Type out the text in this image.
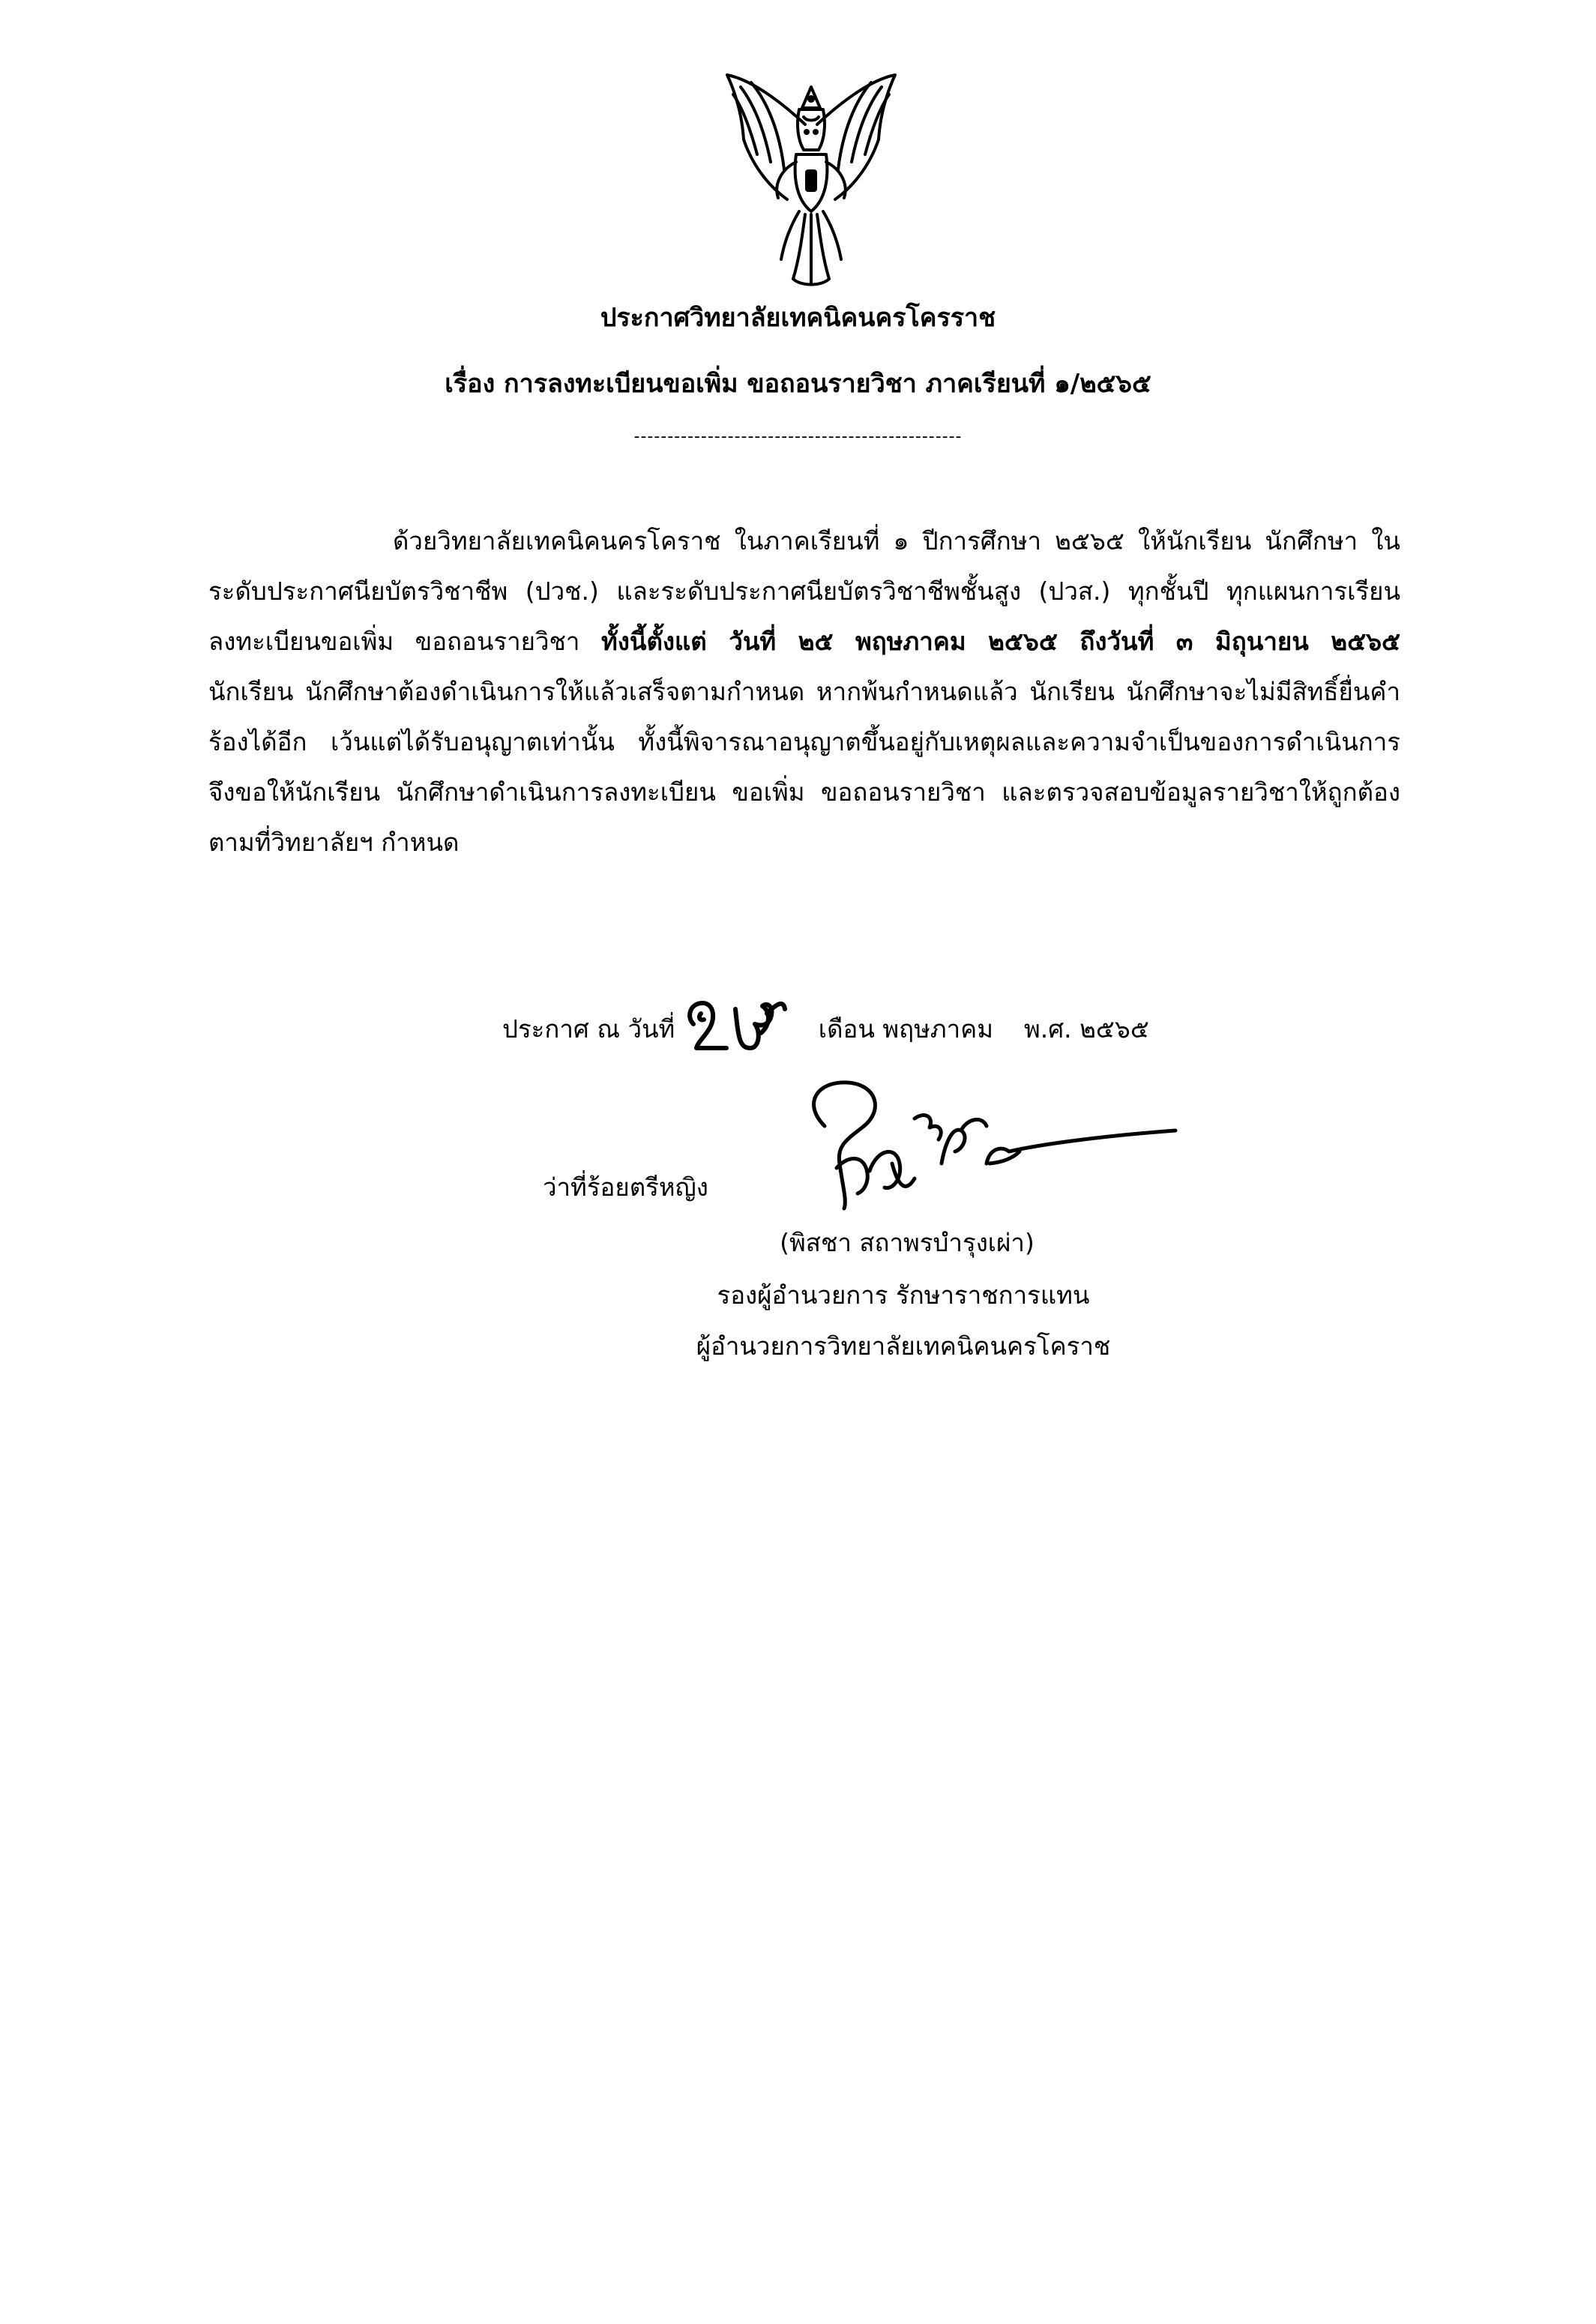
ประกาศวิทยาลัยเทคนิคนครโครราช
เรื่อง การลงทะเบียนขอเพิ่ม ขอถอนรายวิชา ภาคเรียนที่ ๑/๒๕๖๕
-------------------------------------------------
ด้วยวิทยาลัยเทคนิคนครโคราช ในภาคเรียนที่ ๑ ปีการศึกษา ๒๕๖๕ ให้นักเรียน นักศึกษา ใน
ระดับประกาศนียบัตรวิชาชีพ (ปวช.) และระดับประกาศนียบัตรวิชาชีพชั้นสูง (ปวส.) ทุกชั้นปี ทุกแผนการเรียน
ลงทะเบียนขอเพิ่ม ขอถอนรายวิชา ทั้งนี้ตั้งแต่ วันที่ ๒๕ พฤษภาคม ๒๕๖๕ ถึงวันที่ ๓ มิถุนายน ๒๕๖๕
นักเรียน นักศึกษาต้องดำเนินการให้แล้วเสร็จตามกำหนด หากพ้นกำหนดแล้ว นักเรียน นักศึกษาจะไม่มีสิทธิ์ยื่นคำ
ร้องได้อีก เว้นแต่ได้รับอนุญาตเท่านั้น ทั้งนี้พิจารณาอนุญาตขึ้นอยู่กับเหตุผลและความจำเป็นของการดำเนินการ
จึงขอให้นักเรียน นักศึกษาดำเนินการลงทะเบียน ขอเพิ่ม ขอถอนรายวิชา และตรวจสอบข้อมูลรายวิชาให้ถูกต้อง
ตามที่วิทยาลัยฯ กำหนด
ประกาศ ณ วันที่	เดือน พฤษภาคม พ.ศ. ๒๕๖๕
ว่าที่ร้อยตรีหญิง
(พิสชา สถาพรบำรุงเผ่า)
รองผู้อำนวยการ รักษาราชการแทน
ผู้อำนวยการวิทยาลัยเทคนิคนครโคราช
